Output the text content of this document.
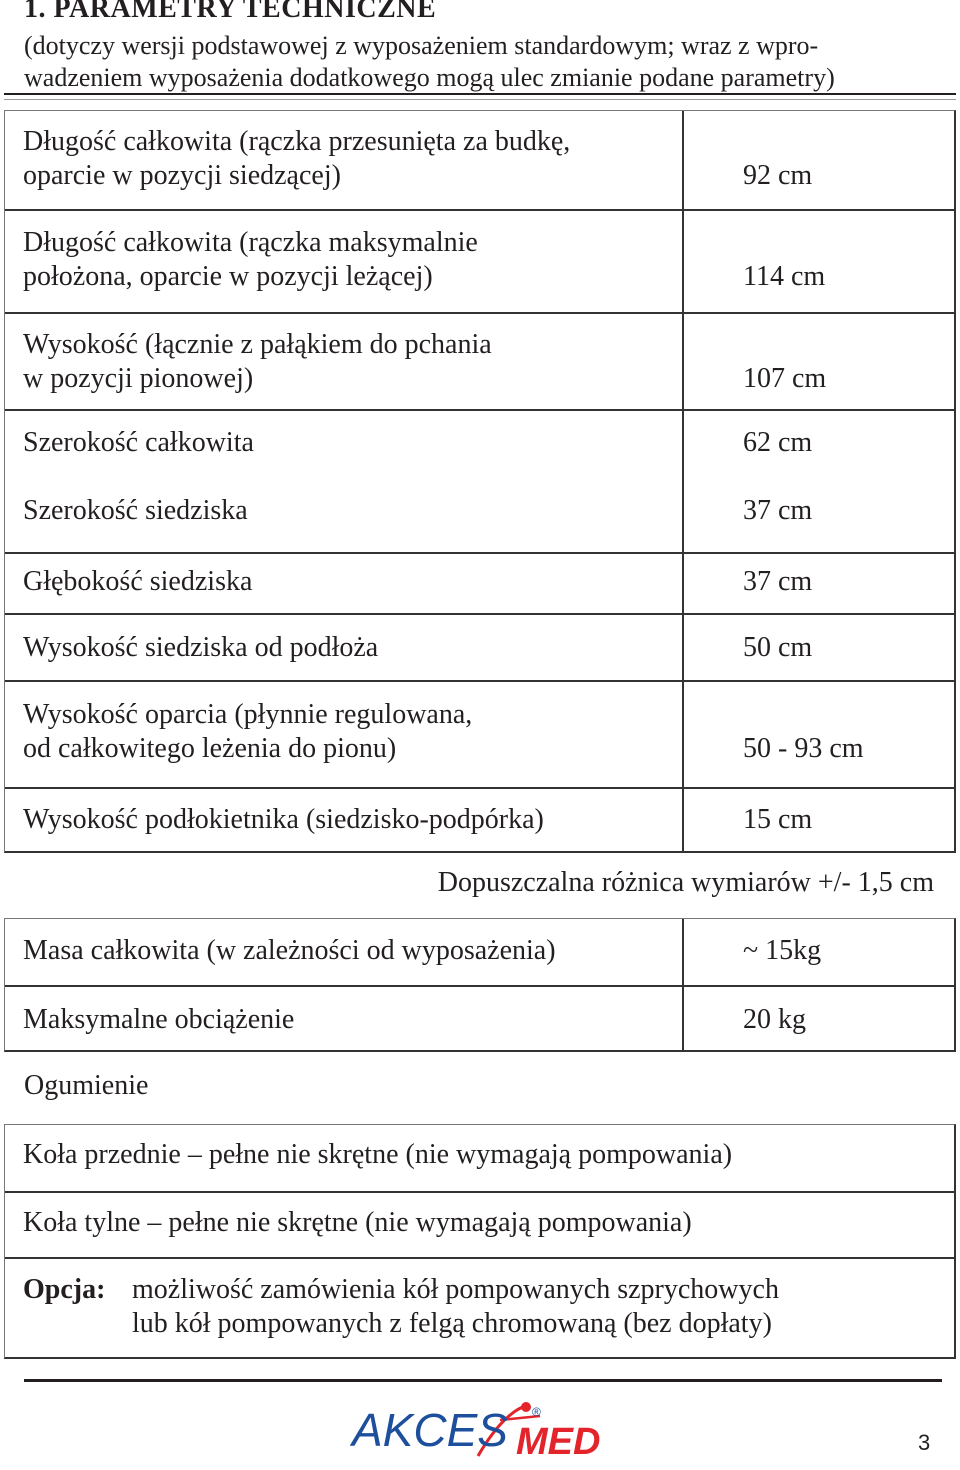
1. PARAMETRY TECHNICZNE
(dotyczy wersji podstawowej z wyposażeniem standardowym; wraz z wpro-
wadzeniem wyposażenia dodatkowego mogą ulec zmianie podane parametry)
Długość całkowita (rączka przesunięta za budkę,
oparcie w pozycji siedzącej)	92 cm
Długość całkowita (rączka maksymalnie
położona, oparcie w pozycji leżącej)	114 cm
Wysokość (łącznie z pałąkiem do pchania
w pozycji pionowej)	107 cm
Szerokość całkowita	62 cm
Szerokość siedziska	37 cm
Głębokość siedziska	37 cm
Wysokość siedziska od podłoża	50 cm
Wysokość oparcia (płynnie regulowana,
od całkowitego leżenia do pionu)	50 - 93 cm
Wysokość podłokietnika (siedzisko-podpórka)	15 cm
Dopuszczalna różnica wymiarów +/- 1,5 cm
Masa całkowita (w zależności od wyposażenia)	~ 15kg
Maksymalne obciążenie	20 kg
Ogumienie
Koła przednie – pełne nie skrętne (nie wymagają pompowania)
Koła tylne – pełne nie skrętne (nie wymagają pompowania)
Opcja: możliwość zamówienia kół pompowanych szprychowych
lub kół pompowanych z felgą chromowaną (bez dopłaty)
AKCES MED
®
3
